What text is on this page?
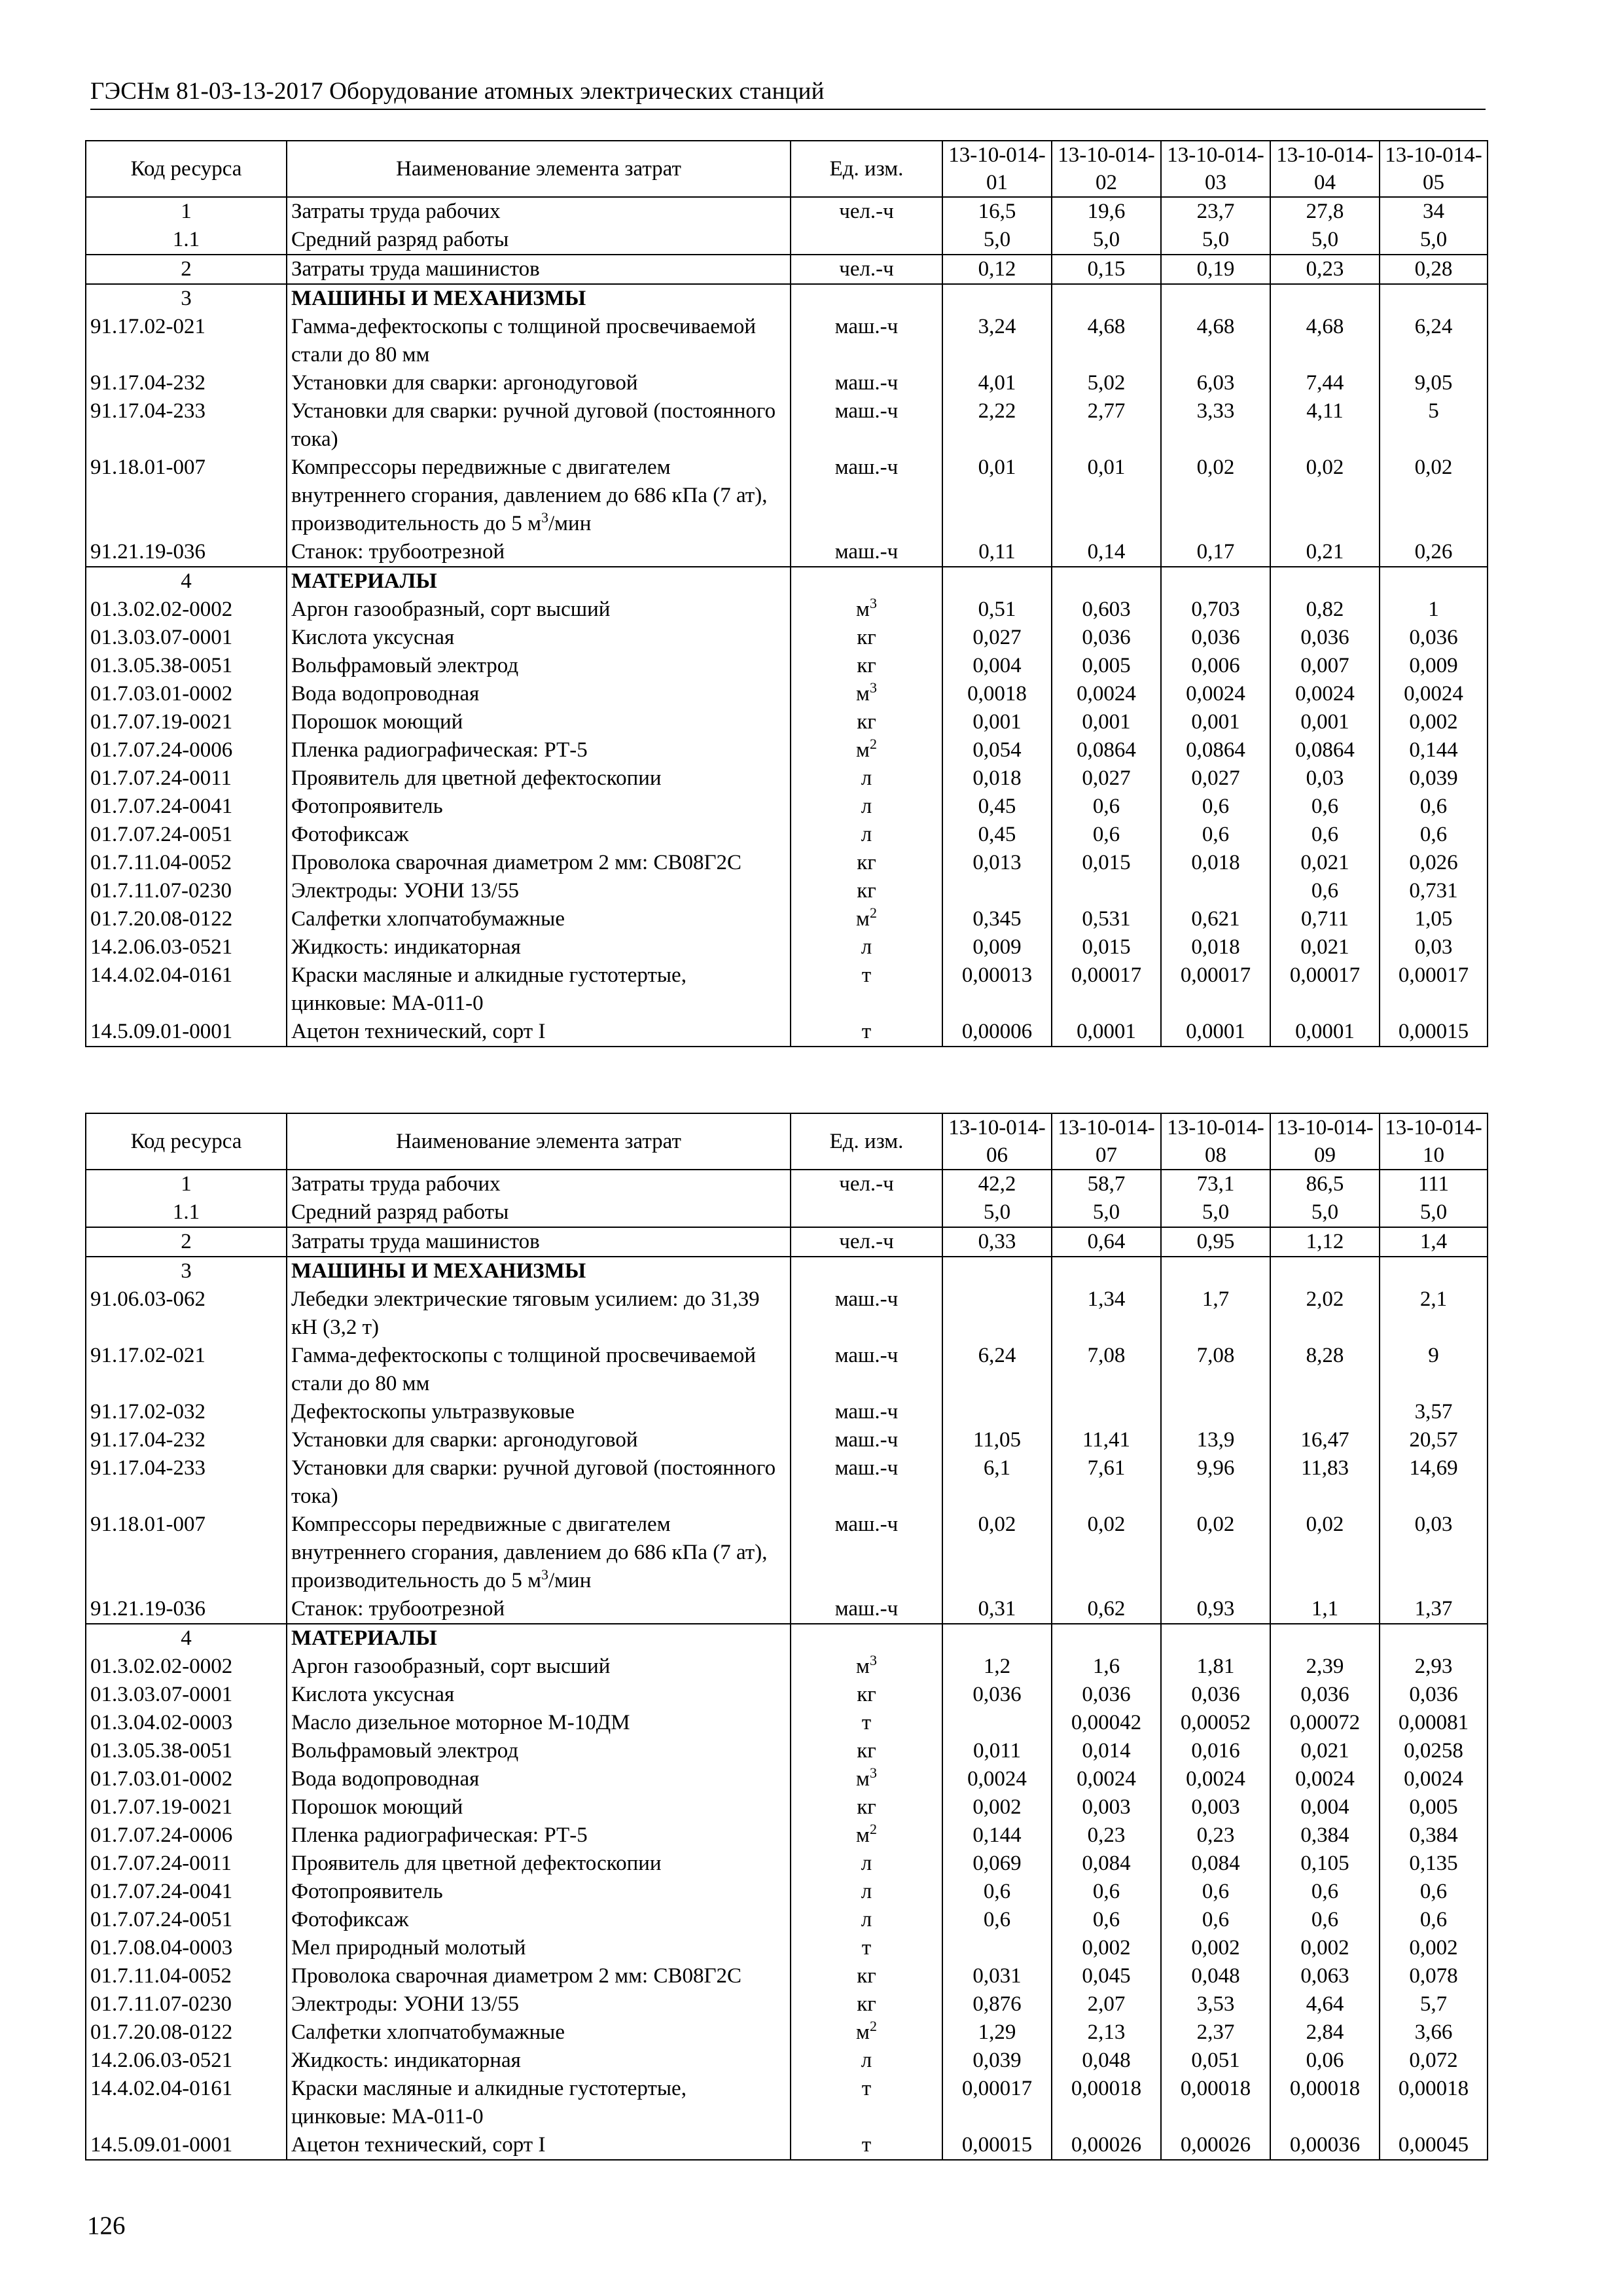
ГЭСНм 81-03-13-2017 Оборудование атомных электрических станций
Код ресурса	Наименование элемента затрат	Ед. изм.	13-10-014-01	13-10-014-02	13-10-014-03	13-10-014-04	13-10-014-05
1	Затраты труда рабочих	чел.-ч	16,5	19,6	23,7	27,8	34
1.1	Средний разряд работы		5,0	5,0	5,0	5,0	5,0
2	Затраты труда машинистов	чел.-ч	0,12	0,15	0,19	0,23	0,28
3	МАШИНЫ И МЕХАНИЗМЫ						
91.17.02-021	Гамма-дефектоскопы с толщиной просвечиваемой стали до 80 мм	маш.-ч	3,24	4,68	4,68	4,68	6,24
91.17.04-232	Установки для сварки: аргонодуговой	маш.-ч	4,01	5,02	6,03	7,44	9,05
91.17.04-233	Установки для сварки: ручной дуговой (постоянного тока)	маш.-ч	2,22	2,77	3,33	4,11	5
91.18.01-007	Компрессоры передвижные с двигателем внутреннего сгорания, давлением до 686 кПа (7 ат), производительность до 5 $м^3$/мин	маш.-ч	0,01	0,01	0,02	0,02	0,02
91.21.19-036	Станок: трубоотрезной	маш.-ч	0,11	0,14	0,17	0,21	0,26
4	МАТЕРИАЛЫ						
01.3.02.02-0002	Аргон газообразный, сорт высший	$м^3$	0,51	0,603	0,703	0,82	1
01.3.03.07-0001	Кислота уксусная	кг	0,027	0,036	0,036	0,036	0,036
01.3.05.38-0051	Вольфрамовый электрод	кг	0,004	0,005	0,006	0,007	0,009
01.7.03.01-0002	Вода водопроводная	$м^3$	0,0018	0,0024	0,0024	0,0024	0,0024
01.7.07.19-0021	Порошок моющий	кг	0,001	0,001	0,001	0,001	0,002
01.7.07.24-0006	Пленка радиографическая: РТ-5	$м^2$	0,054	0,0864	0,0864	0,0864	0,144
01.7.07.24-0011	Проявитель для цветной дефектоскопии	л	0,018	0,027	0,027	0,03	0,039
01.7.07.24-0041	Фотопроявитель	л	0,45	0,6	0,6	0,6	0,6
01.7.07.24-0051	Фотофиксаж	л	0,45	0,6	0,6	0,6	0,6
01.7.11.04-0052	Проволока сварочная диаметром 2 мм: СВ08Г2С	кг	0,013	0,015	0,018	0,021	0,026
01.7.11.07-0230	Электроды: УОНИ 13/55	кг				0,6	0,731
01.7.20.08-0122	Салфетки хлопчатобумажные	$м^2$	0,345	0,531	0,621	0,711	1,05
14.2.06.03-0521	Жидкость: индикаторная	л	0,009	0,015	0,018	0,021	0,03
14.4.02.04-0161	Краски масляные и алкидные густотертые, цинковые: МА-011-0	т	0,00013	0,00017	0,00017	0,00017	0,00017
14.5.09.01-0001	Ацетон технический, сорт I	т	0,00006	0,0001	0,0001	0,0001	0,00015
Код ресурса	Наименование элемента затрат	Ед. изм.	13-10-014-06	13-10-014-07	13-10-014-08	13-10-014-09	13-10-014-10
1	Затраты труда рабочих	чел.-ч	42,2	58,7	73,1	86,5	111
1.1	Средний разряд работы		5,0	5,0	5,0	5,0	5,0
2	Затраты труда машинистов	чел.-ч	0,33	0,64	0,95	1,12	1,4
3	МАШИНЫ И МЕХАНИЗМЫ						
91.06.03-062	Лебедки электрические тяговым усилием: до 31,39 кН (3,2 т)	маш.-ч		1,34	1,7	2,02	2,1
91.17.02-021	Гамма-дефектоскопы с толщиной просвечиваемой стали до 80 мм	маш.-ч	6,24	7,08	7,08	8,28	9
91.17.02-032	Дефектоскопы ультразвуковые	маш.-ч					3,57
91.17.04-232	Установки для сварки: аргонодуговой	маш.-ч	11,05	11,41	13,9	16,47	20,57
91.17.04-233	Установки для сварки: ручной дуговой (постоянного тока)	маш.-ч	6,1	7,61	9,96	11,83	14,69
91.18.01-007	Компрессоры передвижные с двигателем внутреннего сгорания, давлением до 686 кПа (7 ат), производительность до 5 $м^3$/мин	маш.-ч	0,02	0,02	0,02	0,02	0,03
91.21.19-036	Станок: трубоотрезной	маш.-ч	0,31	0,62	0,93	1,1	1,37
4	МАТЕРИАЛЫ						
01.3.02.02-0002	Аргон газообразный, сорт высший	$м^3$	1,2	1,6	1,81	2,39	2,93
01.3.03.07-0001	Кислота уксусная	кг	0,036	0,036	0,036	0,036	0,036
01.3.04.02-0003	Масло дизельное моторное М-10ДМ	т		0,00042	0,00052	0,00072	0,00081
01.3.05.38-0051	Вольфрамовый электрод	кг	0,011	0,014	0,016	0,021	0,0258
01.7.03.01-0002	Вода водопроводная	$м^3$	0,0024	0,0024	0,0024	0,0024	0,0024
01.7.07.19-0021	Порошок моющий	кг	0,002	0,003	0,003	0,004	0,005
01.7.07.24-0006	Пленка радиографическая: РТ-5	$м^2$	0,144	0,23	0,23	0,384	0,384
01.7.07.24-0011	Проявитель для цветной дефектоскопии	л	0,069	0,084	0,084	0,105	0,135
01.7.07.24-0041	Фотопроявитель	л	0,6	0,6	0,6	0,6	0,6
01.7.07.24-0051	Фотофиксаж	л	0,6	0,6	0,6	0,6	0,6
01.7.08.04-0003	Мел природный молотый	т		0,002	0,002	0,002	0,002
01.7.11.04-0052	Проволока сварочная диаметром 2 мм: СВ08Г2С	кг	0,031	0,045	0,048	0,063	0,078
01.7.11.07-0230	Электроды: УОНИ 13/55	кг	0,876	2,07	3,53	4,64	5,7
01.7.20.08-0122	Салфетки хлопчатобумажные	$м^2$	1,29	2,13	2,37	2,84	3,66
14.2.06.03-0521	Жидкость: индикаторная	л	0,039	0,048	0,051	0,06	0,072
14.4.02.04-0161	Краски масляные и алкидные густотертые, цинковые: МА-011-0	т	0,00017	0,00018	0,00018	0,00018	0,00018
14.5.09.01-0001	Ацетон технический, сорт I	т	0,00015	0,00026	0,00026	0,00036	0,00045
126
